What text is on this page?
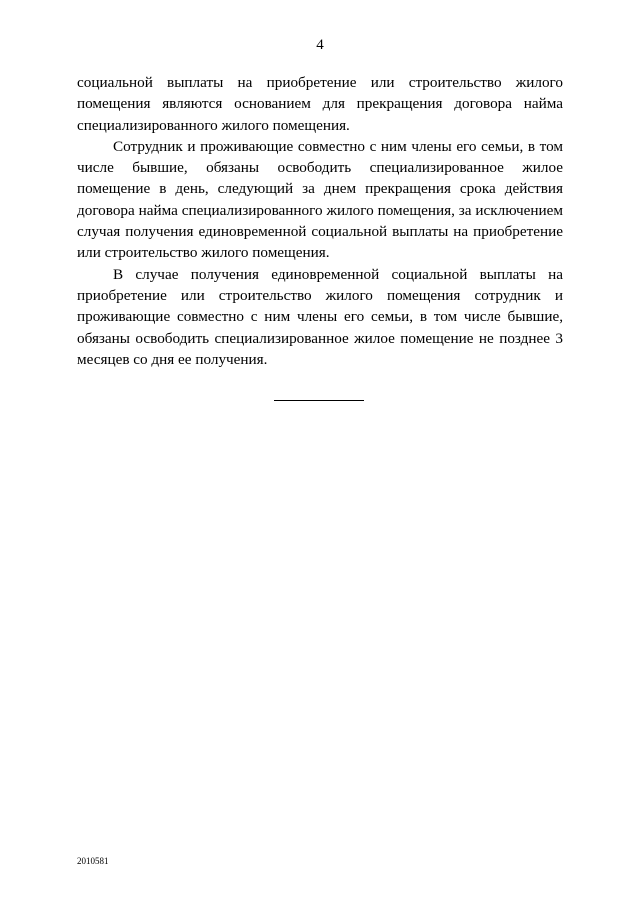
4

социальной выплаты на приобретение или строительство жилого помещения являются основанием для прекращения договора найма специализированного жилого помещения.

Сотрудник и проживающие совместно с ним члены его семьи, в том числе бывшие, обязаны освободить специализированное жилое помещение в день, следующий за днем прекращения срока действия договора найма специализированного жилого помещения, за исключением случая получения единовременной социальной выплаты на приобретение или строительство жилого помещения.

В случае получения единовременной социальной выплаты на приобретение или строительство жилого помещения сотрудник и проживающие совместно с ним члены его семьи, в том числе бывшие, обязаны освободить специализированное жилое помещение не позднее 3 месяцев со дня ее получения.

2010581
